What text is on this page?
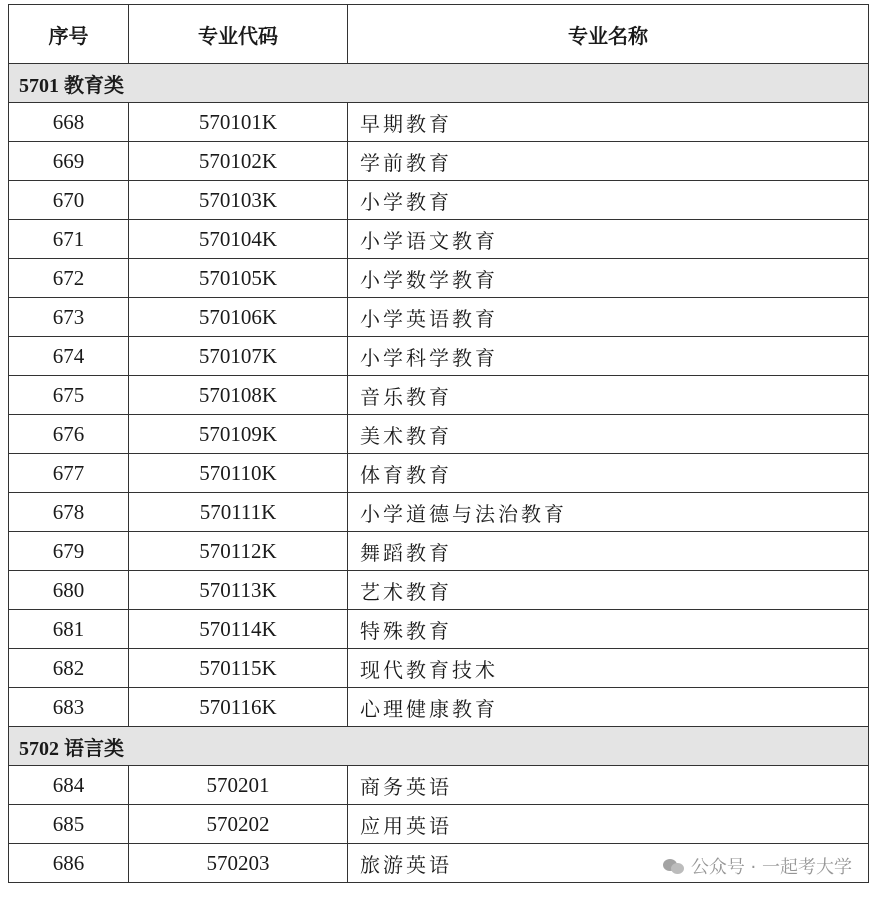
序号	专业代码	专业名称
5701 教育类		
668	570101K	早期教育
669	570102K	学前教育
670	570103K	小学教育
671	570104K	小学语文教育
672	570105K	小学数学教育
673	570106K	小学英语教育
674	570107K	小学科学教育
675	570108K	音乐教育
676	570109K	美术教育
677	570110K	体育教育
678	570111K	小学道德与法治教育
679	570112K	舞蹈教育
680	570113K	艺术教育
681	570114K	特殊教育
682	570115K	现代教育技术
683	570116K	心理健康教育
5702 语言类		
684	570201	商务英语
685	570202	应用英语
686	570203	旅游英语	公众号 · 一起考大学
